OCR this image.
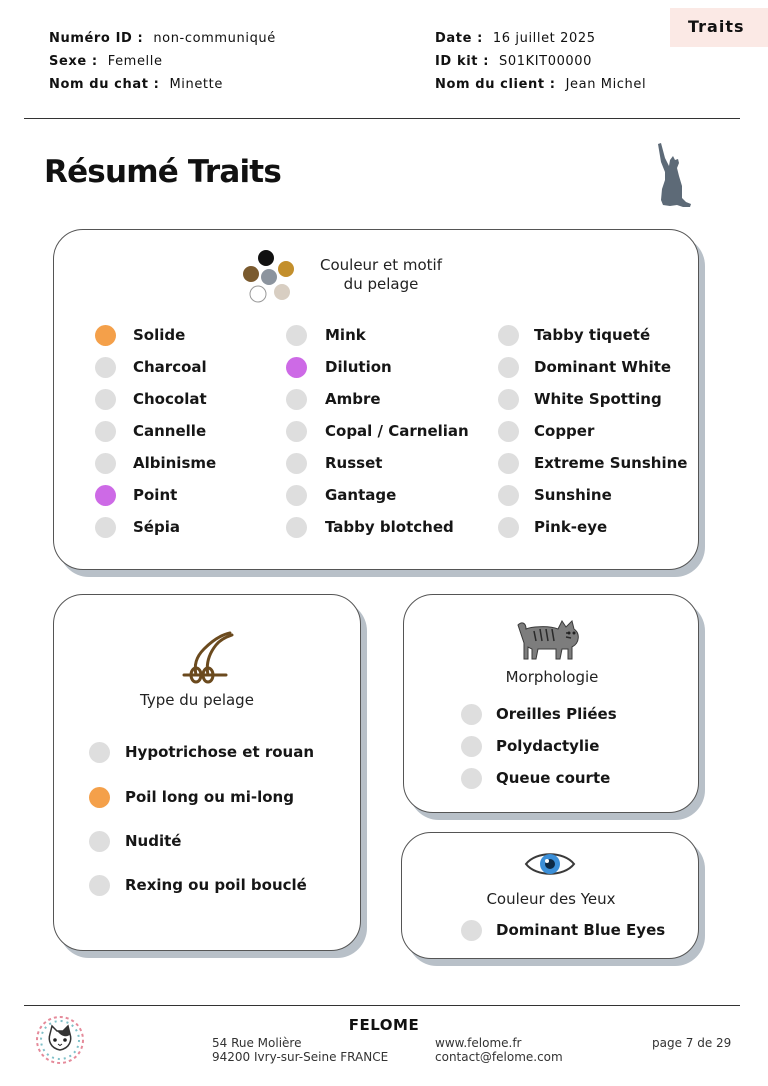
Traits
Numéro ID : non-communiqué
Sexe : Femelle
Nom du chat : Minette
Date : 16 juillet 2025
ID kit : S01KIT00000
Nom du client : Jean Michel
Résumé Traits
Couleur et motif
du pelage
Solide
Charcoal
Chocolat
Cannelle
Albinisme
Point
Sépia
Mink
Dilution
Ambre
Copal / Carnelian
Russet
Gantage
Tabby blotched
Tabby tiqueté
Dominant White
White Spotting
Copper
Extreme Sunshine
Sunshine
Pink-eye
Type du pelage
Hypotrichose et rouan
Poil long ou mi-long
Nudité
Rexing ou poil bouclé
Morphologie
Oreilles Pliées
Polydactylie
Queue courte
Couleur des Yeux
Dominant Blue Eyes
FELOME
54 Rue Molière
94200 Ivry-sur-Seine FRANCE
www.felome.fr
contact@felome.com
page 7 de 29
